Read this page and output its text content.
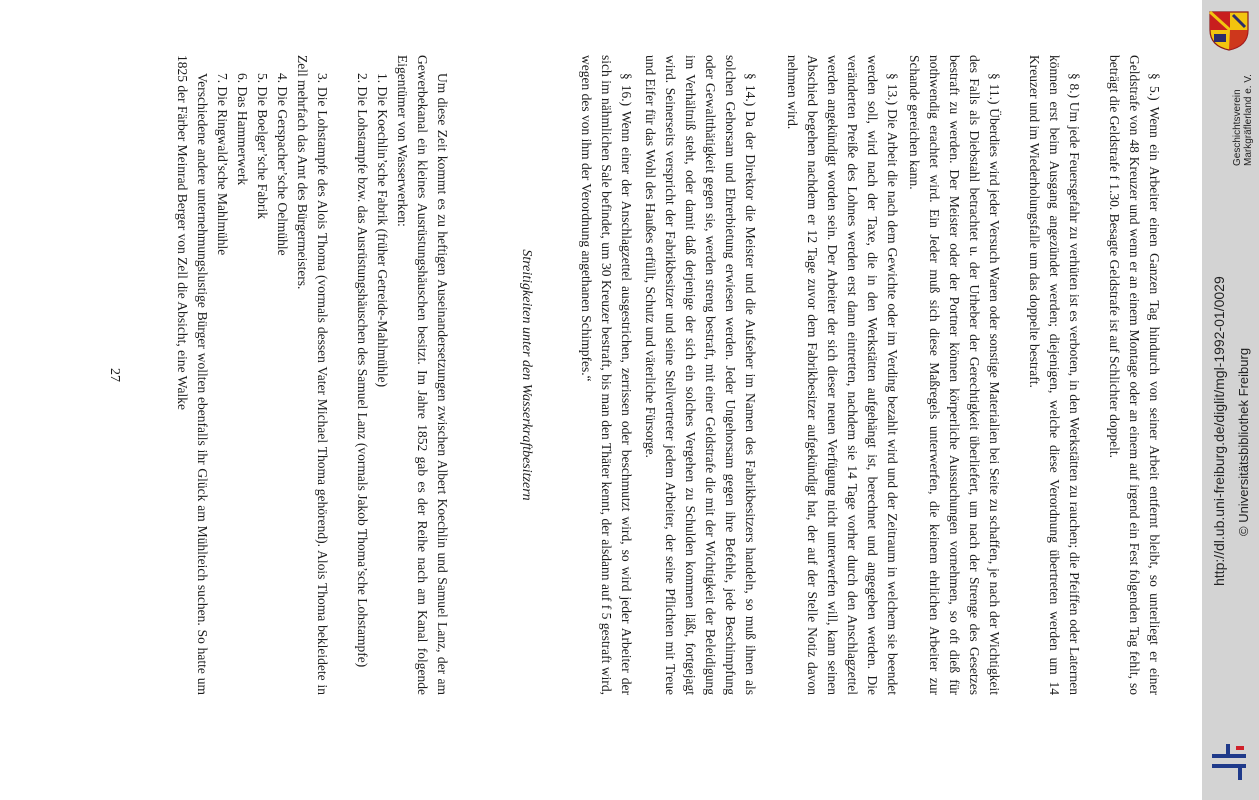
§ 5.) Wenn ein Arbeiter einen Ganzen Tag hindurch von seiner Arbeit entfernt bleibt, so unterliegt er einer Geldstrafe von 48 Kreuzer und wenn er an einem Montage oder an einem auf irgend ein Fest folgenden Tag fehlt, so beträgt die Geldstrafe f 1.30. Besagte Geldstrafe ist auf Schlichter doppelt.

§ 8.) Um jede Feuersgefahr zu verhüten ist es verboten, in den Werkstätten zu rauchen; die Pfeiffen oder Laternen können erst beim Ausgang angezündet werden; diejenigen, welche diese Verordnung übertreten werden um 14 Kreuzer und im Wiederholungsfalle um das doppelte bestraft.

§ 11.) Überdies wird jeder Versuch Waren oder sonstige Materialien bei Seite zu schaffen, je nach der Wichtigkeit des Falls als Diebstahl betrachtet u. der Urheber der Gerechtigkeit überliefert, um nach der Strenge des Gesetzes bestraft zu werden. Der Meister oder der Portner können körperliche Aussuchungen vornehmen, so oft dieß für nothwendig erachtet wird. Ein Jeder muß sich diese Maßregels unterwerfen, die keinem ehrlichen Arbeiter zur Schande gereichen kann.

§ 13.) Die Arbeit die nach dem Gewichte oder im Verding bezahlt wird und der Zeitraum in welchem sie beendet werden soll, wird nach der Taxe, die in den Werkstätten aufgehängt ist, berechnet und angegeben werden. Die veränderten Preiße des Lohnes werden erst dann eintretten, nachdem sie 14 Tage vorher durch den Anschlagzettel werden angekündigt worden sein. Der Arbeiter der sich dieser neuen Verfügung nicht unterwerfen will, kann seinen Abschied begehen nachdem er 12 Tage zuvor dem Fabrikbesitzer aufgekündigt hat, der auf der Stelle Notiz davon nehmen wird.

§ 14.) Da der Direktor die Meister und die Aufseher im Namen des Fabrikbesitzers handeln, so muß ihnen als solchen Gehorsam und Ehrerbietung erwiesen werden. Jeder Ungehorsam gegen ihre Befehle, jede Beschimpfung oder Gewaltthätigkeit gegen sie, werden streng bestraft, mit einer Geldstrafe die mit der Wichtigkeit der Beleidigung im Verhältniß steht, oder damit daß derjenige der sich ein solches Vergehen zu Schulden kommen läßt, fortgejagt wird. Seinerseits verspricht der Fabrikbesitzer und seine Stellvertreter jedem Arbeiter, der seine Pflichten mit Treue und Eifer für das Wohl des Haußes erfüllt, Schutz und väterliche Fürsorge.

§ 16.) Wenn einer der Anschlagzettel ausgestrichen, zerrissen oder beschmutzt wird, so wird jeder Arbeiter der sich im nähmlichen Sale befindet, um 30 Kreuzer bestraft, bis man den Thäter kennt, der alsdann auf f 5 gestraft wird, wegen des von ihm der Verordnung angethanen Schimpfes.“

Streitigkeiten unter den Wasserkraftbesitzern

Um diese Zeit kommt es zu heftigen Auseinandersetzungen zwischen Albert Koechlin und Samuel Lanz, der am Gewerbekanal ein kleines Ausrüstungshäuschen besitzt. Im Jahre 1852 gab es der Reihe nach am Kanal folgende Eigentümer von Wasserwerken:

1. Die Koechlin’sche Fabrik (früher Getreide-Mahlmühle)

2. Die Lohstampfe bzw. das Ausrüstungshäuschen des Samuel Lanz (vormals Jakob Thoma’sche Lohstampfe)

3. Die Lohstampfe des Alois Thoma (vormals dessen Vater Michael Thoma gehörend). Alois Thoma bekleidete in Zell mehrfach das Amt des Bürgermeisters.

4. Die Gerspacher’sche Oelmühle

5. Die Boelger’sche Fabrik

6. Das Hammerwerk

7. Die Ringwald’sche Mahlmühle

Verschiedene andere unternehmungslustige Bürger wollten ebenfalls ihr Glück am Mühlteich suchen. So hatte um 1825 der Färber Meinrad Berger von Zell die Absicht, eine Walke

27

Geschichtsverein Markgräflerland e. V.
http://dl.ub.uni-freiburg.de/diglit/mgl-1992-01/0029 © Universitätsbibliothek Freiburg
